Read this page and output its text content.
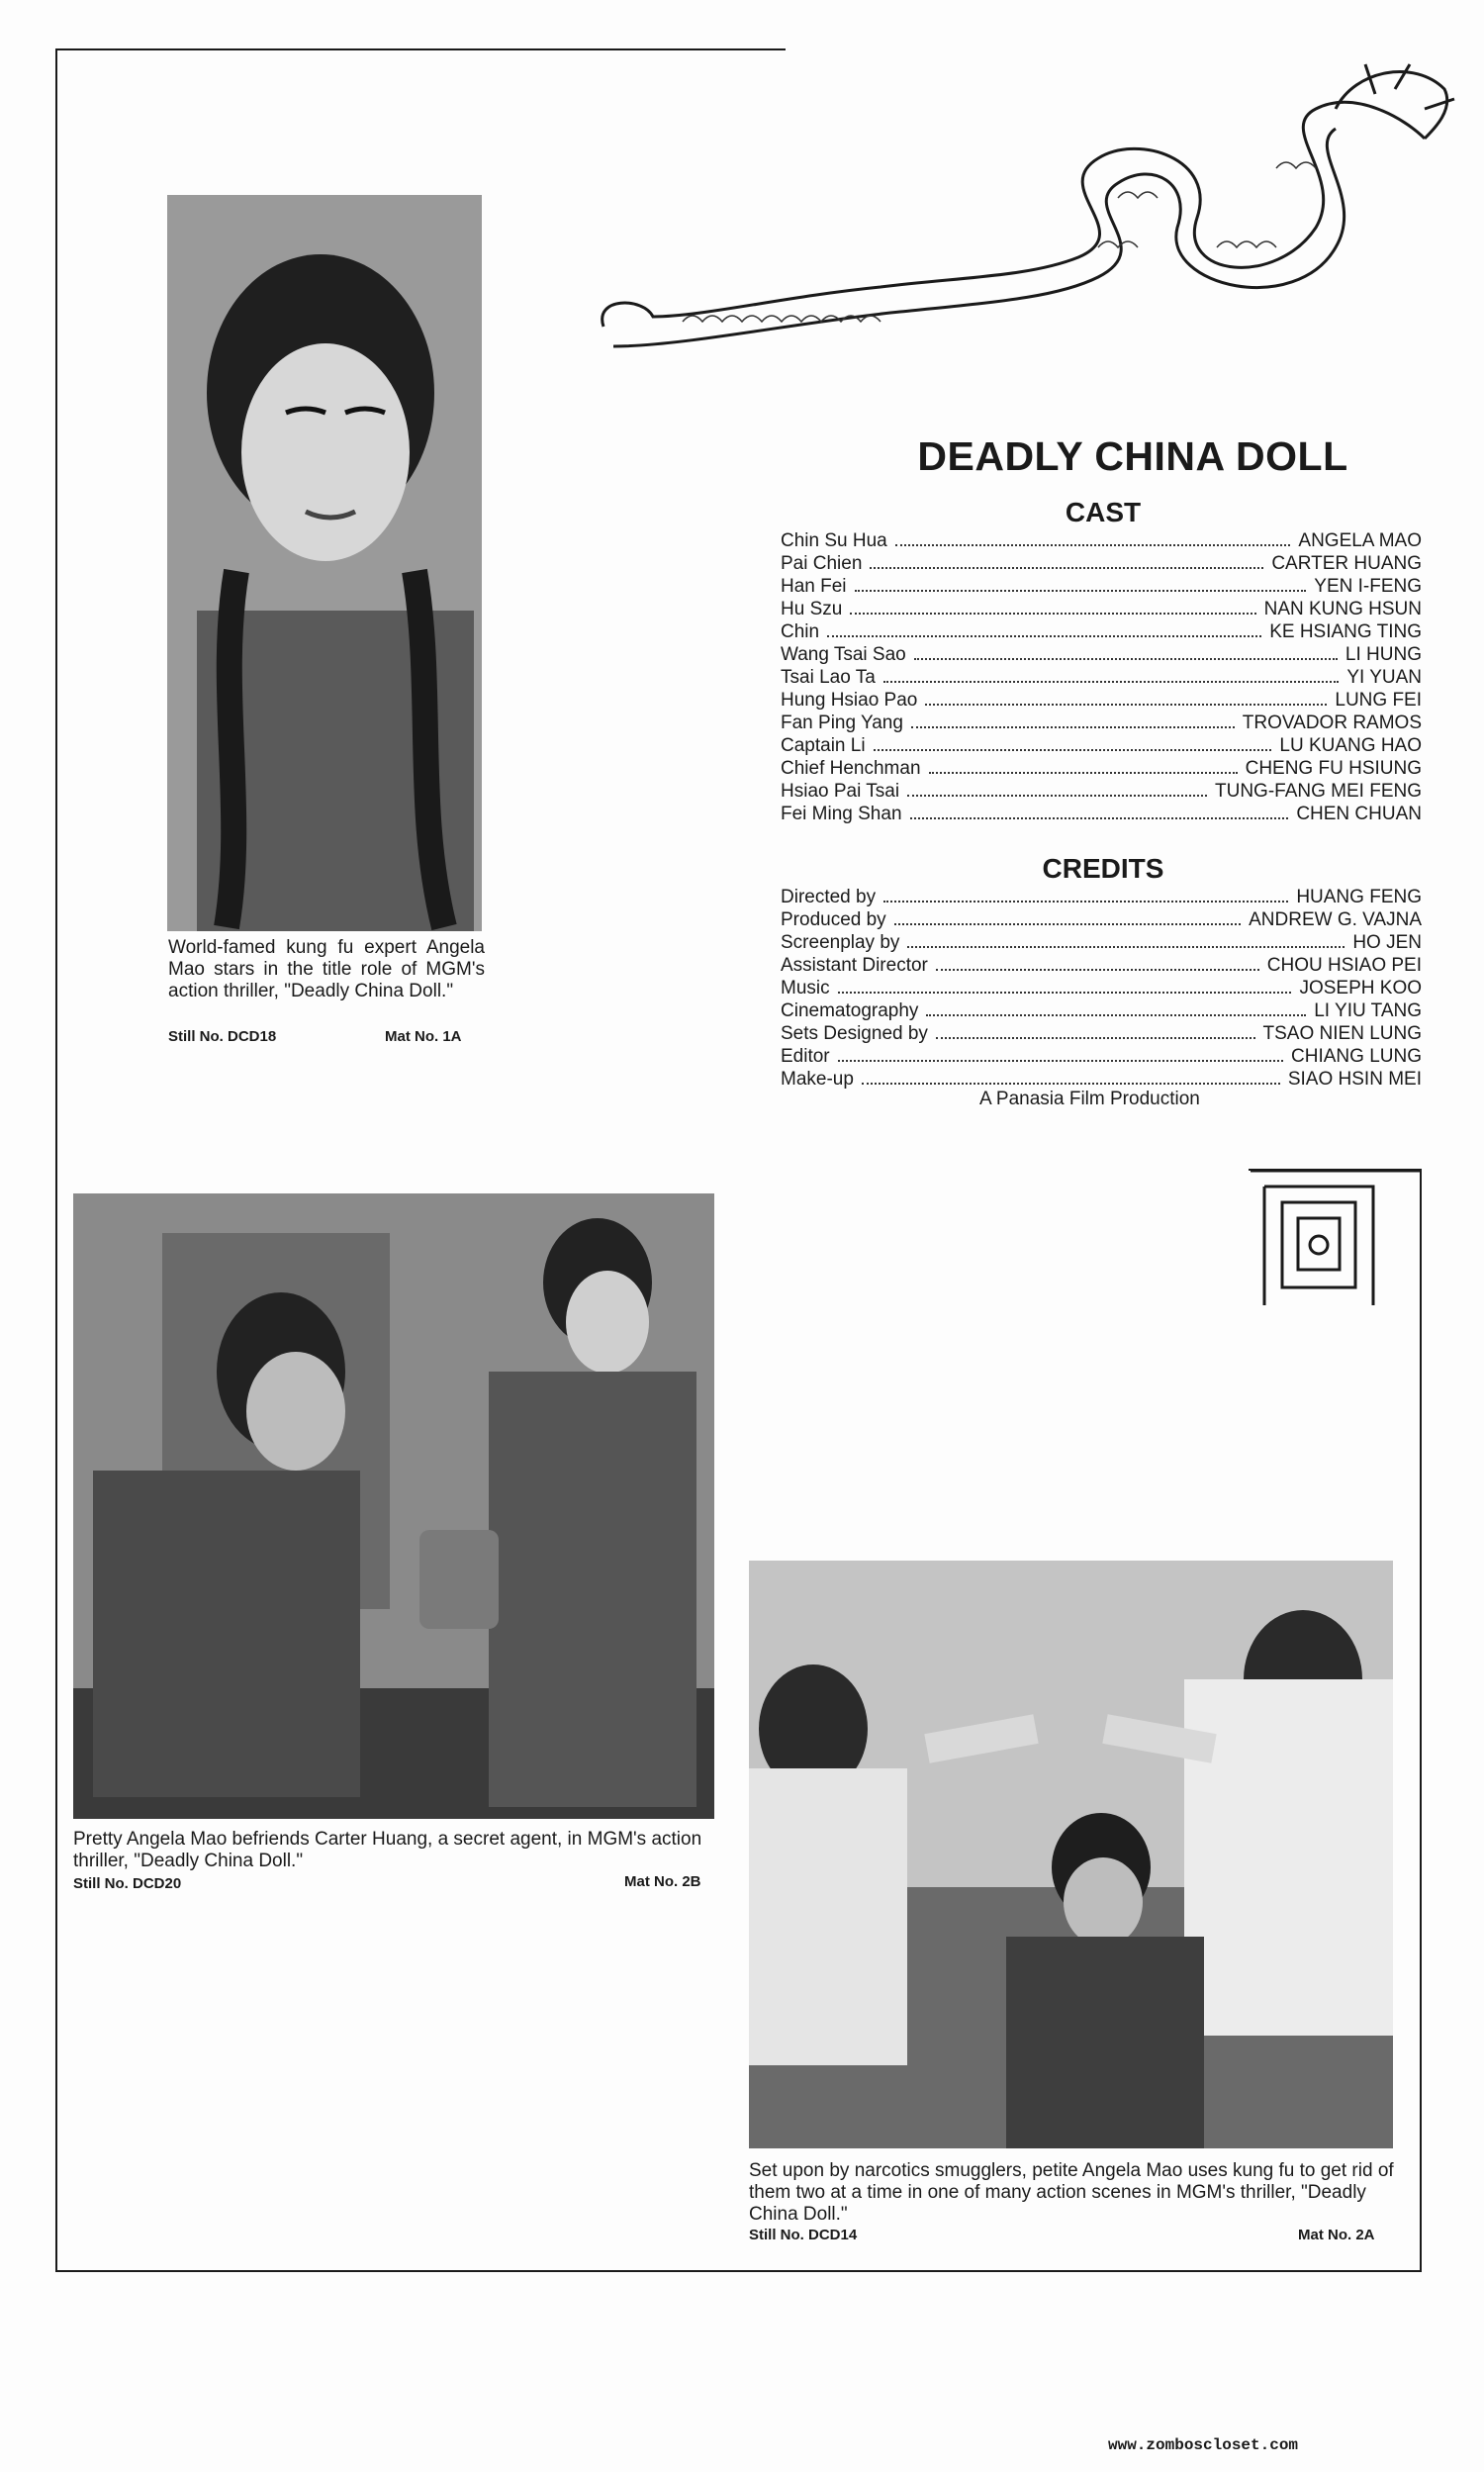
DEADLY CHINA DOLL
CAST
Chin Su Hua	ANGELA MAO
Pai Chien	CARTER HUANG
Han Fei	YEN I-FENG
Hu Szu	NAN KUNG HSUN
Chin	KE HSIANG TING
Wang Tsai Sao	LI HUNG
Tsai Lao Ta	YI YUAN
Hung Hsiao Pao	LUNG FEI
Fan Ping Yang	TROVADOR RAMOS
Captain Li	LU KUANG HAO
Chief Henchman	CHENG FU HSIUNG
Hsiao Pai Tsai	TUNG-FANG MEI FENG
Fei Ming Shan	CHEN CHUAN
CREDITS
Directed by	HUANG FENG
Produced by	ANDREW G. VAJNA
Screenplay by	HO JEN
Assistant Director	CHOU HSIAO PEI
Music	JOSEPH KOO
Cinematography	LI YIU TANG
Sets Designed by	TSAO NIEN LUNG
Editor	CHIANG LUNG
Make-up	SIAO HSIN MEI
A Panasia Film Production
World-famed kung fu expert Angela Mao stars in the title role of MGM's action thriller, "Deadly China Doll."
Still No. DCD18	Mat No. 1A
Pretty Angela Mao befriends Carter Huang, a secret agent, in MGM's action thriller, "Deadly China Doll."
Still No. DCD20	Mat No. 2B
Set upon by narcotics smugglers, petite Angela Mao uses kung fu to get rid of them two at a time in one of many action scenes in MGM's thriller, "Deadly China Doll."
Still No. DCD14	Mat No. 2A
www.zomboscloset.com
